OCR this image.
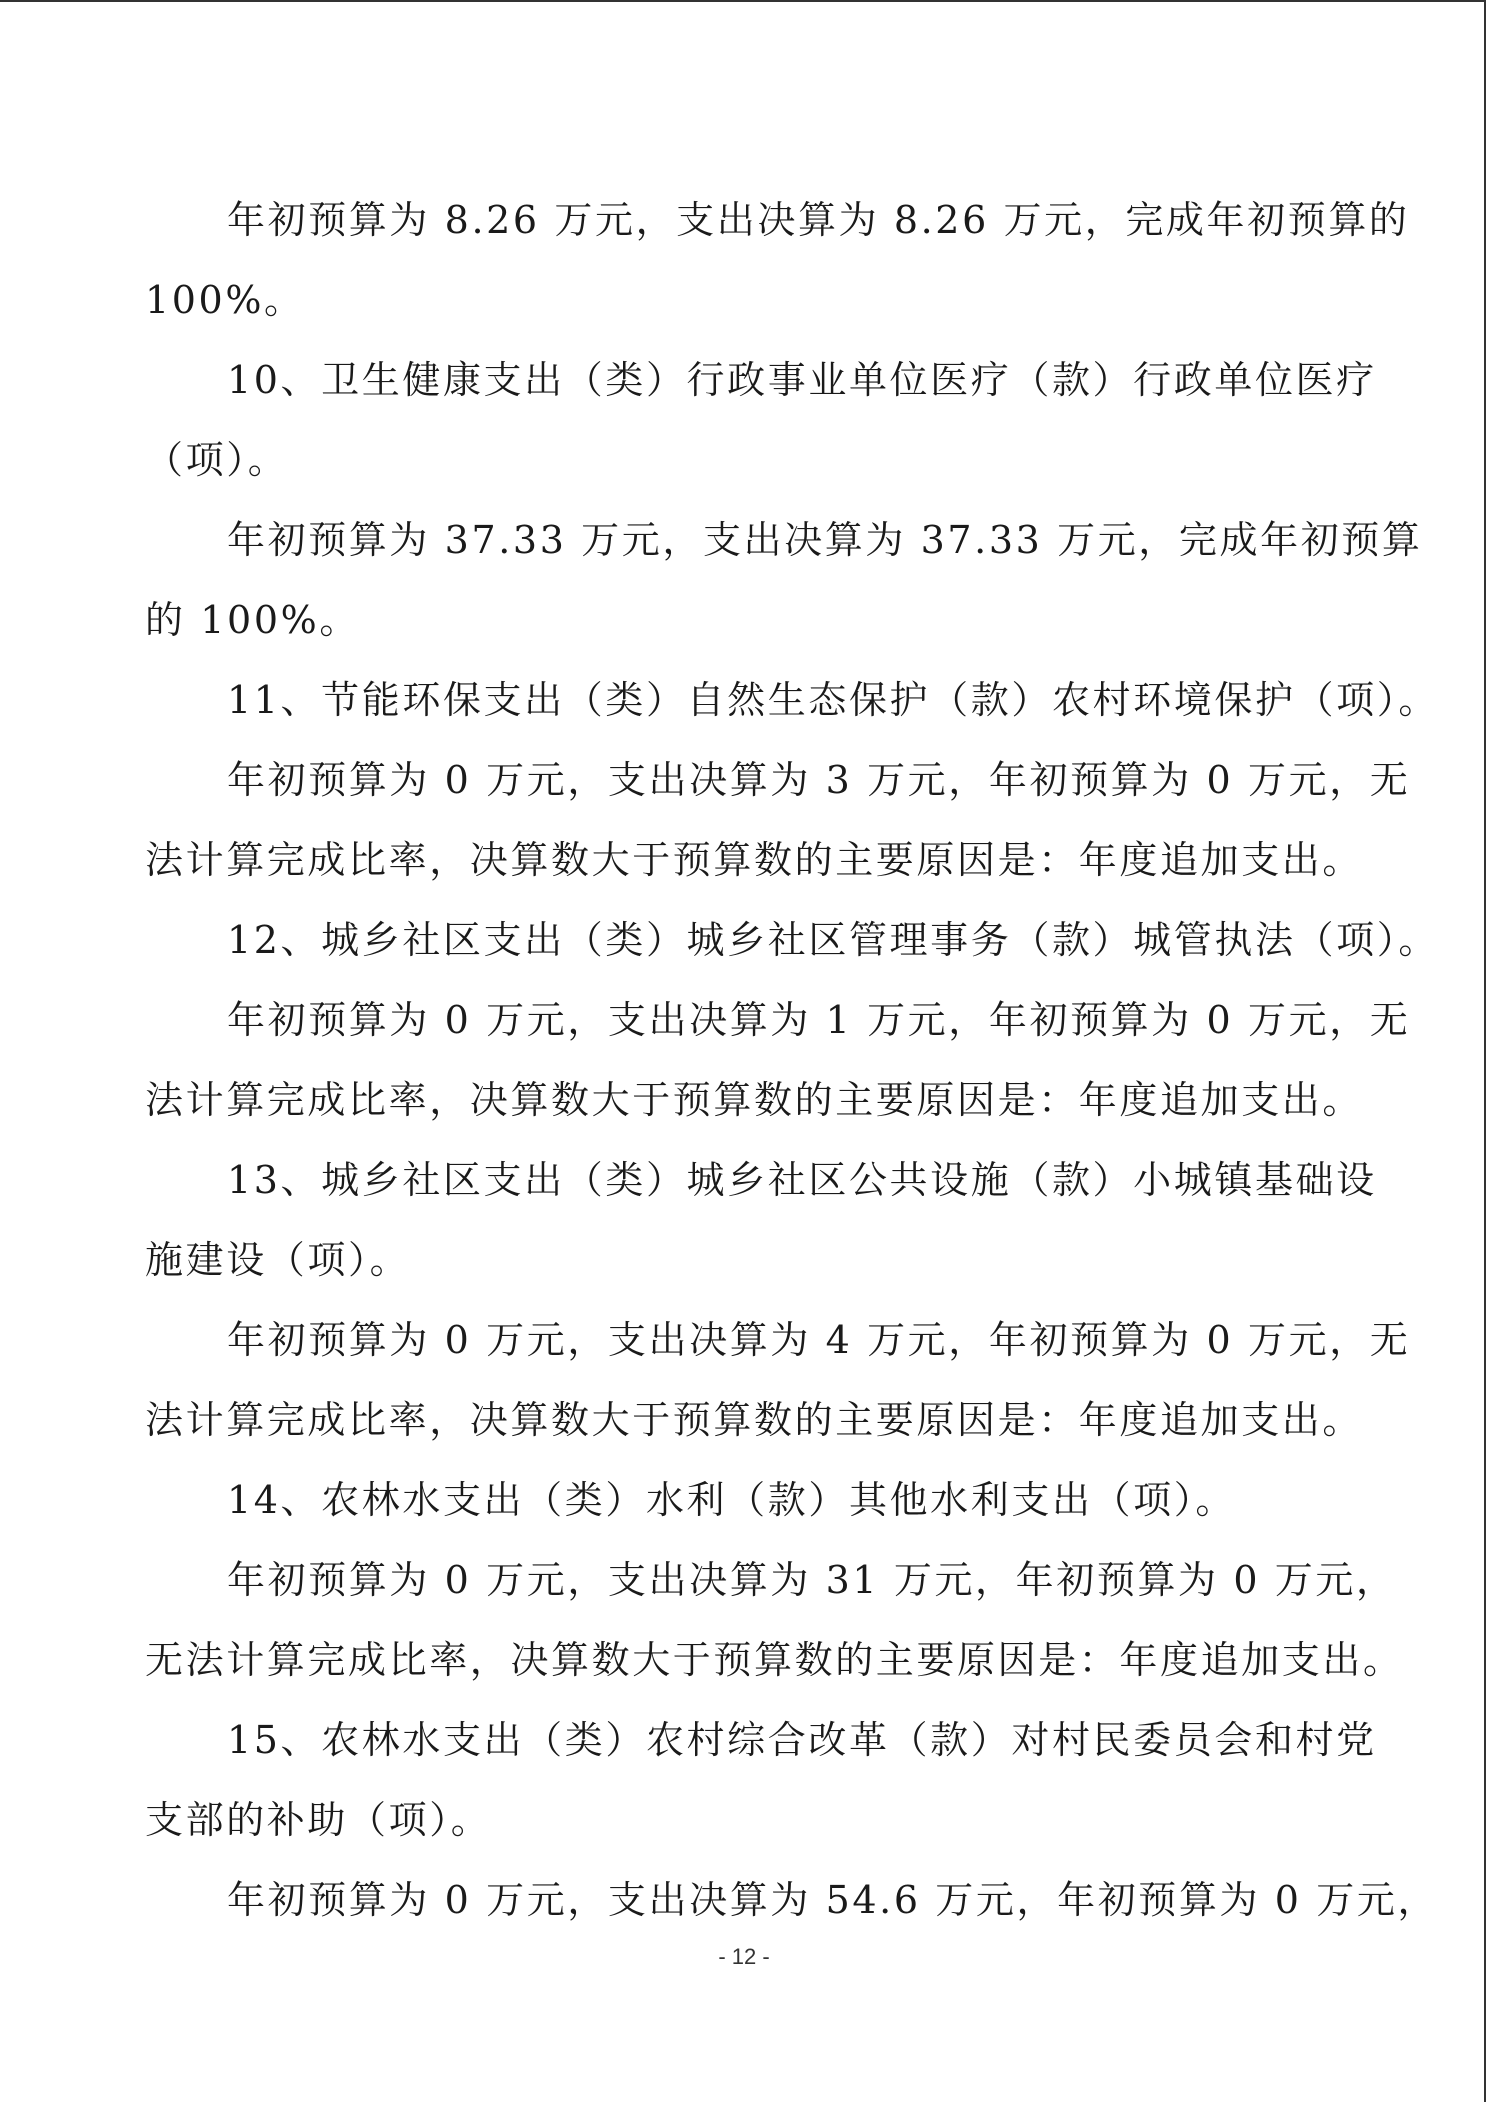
年初预算为 8.26 万元，支出决算为 8.26 万元，完成年初预算的
100%。
10、卫生健康支出（类）行政事业单位医疗（款）行政单位医疗
（项）。
年初预算为 37.33 万元，支出决算为 37.33 万元，完成年初预算
的 100%。
11、节能环保支出（类）自然生态保护（款）农村环境保护（项）。
年初预算为 0 万元，支出决算为 3 万元，年初预算为 0 万元，无
法计算完成比率，决算数大于预算数的主要原因是：年度追加支出。
12、城乡社区支出（类）城乡社区管理事务（款）城管执法（项）。
年初预算为 0 万元，支出决算为 1 万元，年初预算为 0 万元，无
法计算完成比率，决算数大于预算数的主要原因是：年度追加支出。
13、城乡社区支出（类）城乡社区公共设施（款）小城镇基础设
施建设（项）。
年初预算为 0 万元，支出决算为 4 万元，年初预算为 0 万元，无
法计算完成比率，决算数大于预算数的主要原因是：年度追加支出。
14、农林水支出（类）水利（款）其他水利支出（项）。
年初预算为 0 万元，支出决算为 31 万元，年初预算为 0 万元，
无法计算完成比率，决算数大于预算数的主要原因是：年度追加支出。
15、农林水支出（类）农村综合改革（款）对村民委员会和村党
支部的补助（项）。
年初预算为 0 万元，支出决算为 54.6 万元，年初预算为 0 万元，
- 12 -
